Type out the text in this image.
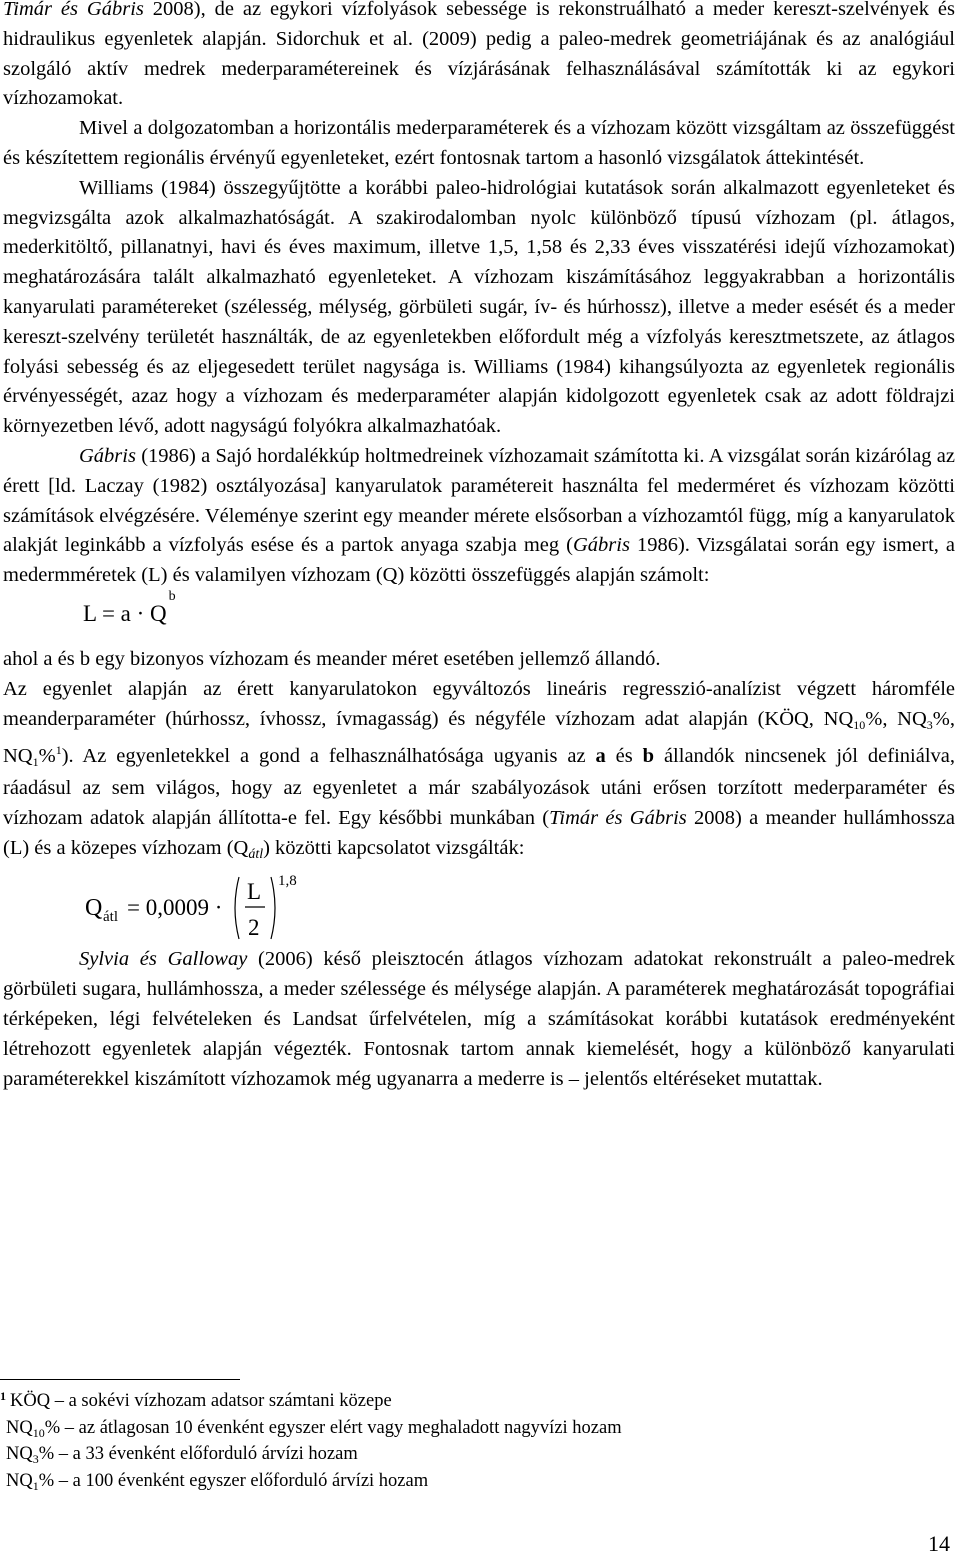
Timár és Gábris 2008), de az egykori vízfolyások sebessége is rekonstruálható a meder kereszt-szelvények és hidraulikus egyenletek alapján. Sidorchuk et al. (2009) pedig a paleo-medrek geometriájának és az analógiául szolgáló aktív medrek mederparamétereinek és vízjárásának felhasználásával számították ki az egykori vízhozamokat.

Mivel a dolgozatomban a horizontális mederparaméterek és a vízhozam között vizsgáltam az összefüggést és készítettem regionális érvényű egyenleteket, ezért fontosnak tartom a hasonló vizsgálatok áttekintését.

Williams (1984) összegyűjtötte a korábbi paleo-hidrológiai kutatások során alkalmazott egyenleteket és megvizsgálta azok alkalmazhatóságát. A szakirodalomban nyolc különböző típusú vízhozam (pl. átlagos, mederkitöltő, pillanatnyi, havi és éves maximum, illetve 1,5, 1,58 és 2,33 éves visszatérési idejű vízhozamokat) meghatározására talált alkalmazható egyenleteket. A vízhozam kiszámításához leggyakrabban a horizontális kanyarulati paramétereket (szélesség, mélység, görbületi sugár, ív- és húrhossz), illetve a meder esését és a meder kereszt-szelvény területét használták, de az egyenletekben előfordult még a vízfolyás keresztmetszete, az átlagos folyási sebesség és az eljegesedett terület nagysága is. Williams (1984) kihangsúlyozta az egyenletek regionális érvényességét, azaz hogy a vízhozam és mederparaméter alapján kidolgozott egyenletek csak az adott földrajzi környezetben lévő, adott nagyságú folyókra alkalmazhatóak.

Gábris (1986) a Sajó hordalékkúp holtmedreinek vízhozamait számította ki. A vizsgálat során kizárólag az érett [ld. Laczay (1982) osztályozása] kanyarulatok paramétereit használta fel mederméret és vízhozam közötti számítások elvégzésére. Véleménye szerint egy meander mérete elsősorban a vízhozamtól függ, míg a kanyarulatok alakját leginkább a vízfolyás esése és a partok anyaga szabja meg (Gábris 1986). Vizsgálatai során egy ismert, a medermméretek (L) és valamilyen vízhozam (Q) közötti összefüggés alapján számolt:

$L = a \cdot Q^b$

ahol a és b egy bizonyos vízhozam és meander méret esetében jellemző állandó.

Az egyenlet alapján az érett kanyarulatokon egyváltozós lineáris regresszió-analízist végzett háromféle meanderparaméter (húrhossz, ívhossz, ívmagasság) és négyféle vízhozam adat alapján (KÖQ, NQ10%, NQ3%, NQ1%$^1$). Az egyenletekkel a gond a felhasználhatósága ugyanis az a és b állandók nincsenek jól definiálva, ráadásul az sem világos, hogy az egyenletet a már szabályozások utáni erősen torzított mederparaméter és vízhozam adatok alapján állította-e fel. Egy későbbi munkában (Timár és Gábris 2008) a meander hullámhossza (L) és a közepes vízhozam (Qátl) közötti kapcsolatot vizsgálták:

Q átl = 0,0009 ·
L
2
1,8

Sylvia és Galloway (2006) késő pleisztocén átlagos vízhozam adatokat rekonstruált a paleo-medrek görbületi sugara, hullámhossza, a meder szélessége és mélysége alapján. A paraméterek meghatározását topográfiai térképeken, légi felvételeken és Landsat űrfelvételen, míg a számításokat korábbi kutatások eredményeként létrehozott egyenletek alapján végezték. Fontosnak tartom annak kiemelését, hogy a különböző kanyarulati paraméterekkel kiszámított vízhozamok még ugyanarra a mederre is – jelentős eltéréseket mutattak.

$^1$ KÖQ – a sokévi vízhozam adatsor számtani közepe
$NQ_{10}\%$ – az átlagosan 10 évenként egyszer elért vagy meghaladott nagyvízi hozam
$NQ_3\%$ – a 33 évenként előforduló árvízi hozam
$NQ_1\%$ – a 100 évenként egyszer előforduló árvízi hozam
14
